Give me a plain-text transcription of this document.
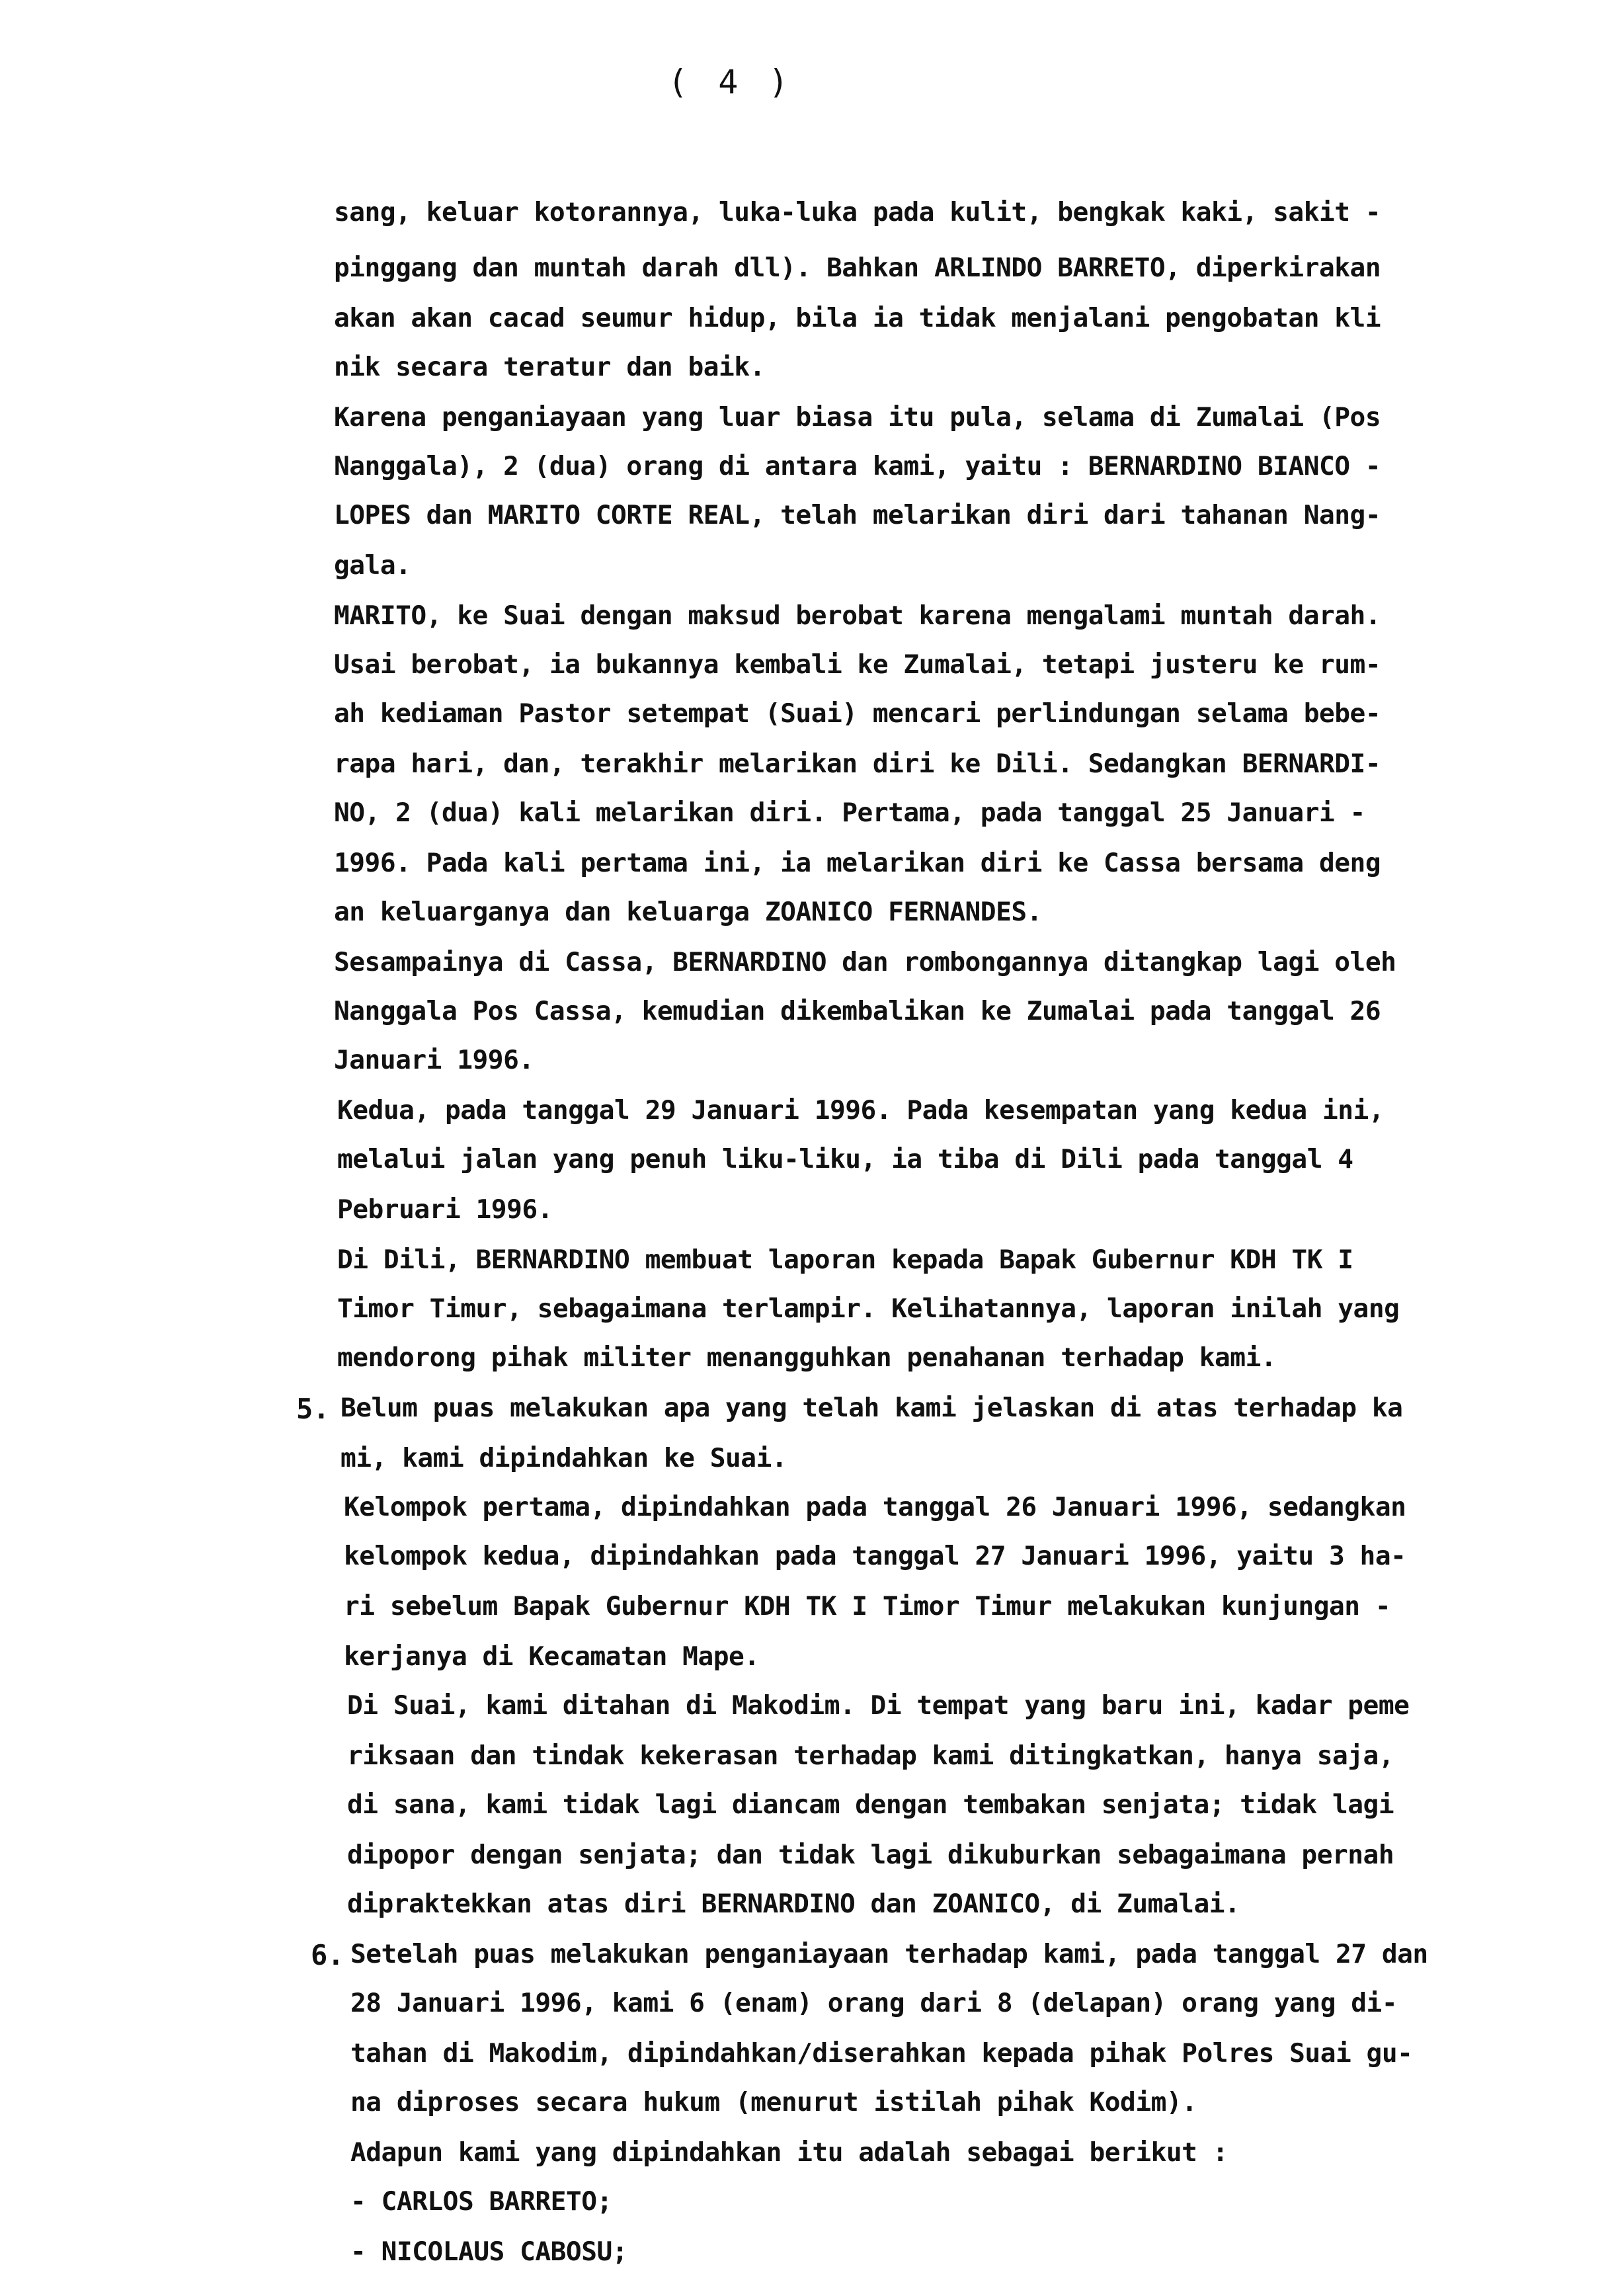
( 4 )
sang, keluar kotorannya, luka-luka pada kulit, bengkak kaki, sakit -
pinggang dan muntah darah dll). Bahkan ARLINDO BARRETO, diperkirakan
akan akan cacad seumur hidup, bila ia tidak menjalani pengobatan kli
nik secara teratur dan baik.
Karena penganiayaan yang luar biasa itu pula, selama di Zumalai (Pos
Nanggala), 2 (dua) orang di antara kami, yaitu : BERNARDINO BIANCO -
LOPES dan MARITO CORTE REAL, telah melarikan diri dari tahanan Nang-
gala.
MARITO, ke Suai dengan maksud berobat karena mengalami muntah darah.
Usai berobat, ia bukannya kembali ke Zumalai, tetapi justeru ke rum-
ah kediaman Pastor setempat (Suai) mencari perlindungan selama bebe-
rapa hari, dan, terakhir melarikan diri ke Dili. Sedangkan BERNARDI-
NO, 2 (dua) kali melarikan diri. Pertama, pada tanggal 25 Januari -
1996. Pada kali pertama ini, ia melarikan diri ke Cassa bersama deng
an keluarganya dan keluarga ZOANICO FERNANDES.
Sesampainya di Cassa, BERNARDINO dan rombongannya ditangkap lagi oleh
Nanggala Pos Cassa, kemudian dikembalikan ke Zumalai pada tanggal 26
Januari 1996.
Kedua, pada tanggal 29 Januari 1996. Pada kesempatan yang kedua ini,
melalui jalan yang penuh liku-liku, ia tiba di Dili pada tanggal 4
Pebruari 1996.
Di Dili, BERNARDINO membuat laporan kepada Bapak Gubernur KDH TK I
Timor Timur, sebagaimana terlampir. Kelihatannya, laporan inilah yang
mendorong pihak militer menangguhkan penahanan terhadap kami.
5. Belum puas melakukan apa yang telah kami jelaskan di atas terhadap ka
mi, kami dipindahkan ke Suai.
Kelompok pertama, dipindahkan pada tanggal 26 Januari 1996, sedangkan
kelompok kedua, dipindahkan pada tanggal 27 Januari 1996, yaitu 3 ha-
ri sebelum Bapak Gubernur KDH TK I Timor Timur melakukan kunjungan -
kerjanya di Kecamatan Mape.
Di Suai, kami ditahan di Makodim. Di tempat yang baru ini, kadar peme
riksaan dan tindak kekerasan terhadap kami ditingkatkan, hanya saja,
di sana, kami tidak lagi diancam dengan tembakan senjata; tidak lagi
dipopor dengan senjata; dan tidak lagi dikuburkan sebagaimana pernah
dipraktekkan atas diri BERNARDINO dan ZOANICO, di Zumalai.
6. Setelah puas melakukan penganiayaan terhadap kami, pada tanggal 27 dan
28 Januari 1996, kami 6 (enam) orang dari 8 (delapan) orang yang di-
tahan di Makodim, dipindahkan/diserahkan kepada pihak Polres Suai gu-
na diproses secara hukum (menurut istilah pihak Kodim).
Adapun kami yang dipindahkan itu adalah sebagai berikut :
- CARLOS BARRETO;
- NICOLAUS CABOSU;
